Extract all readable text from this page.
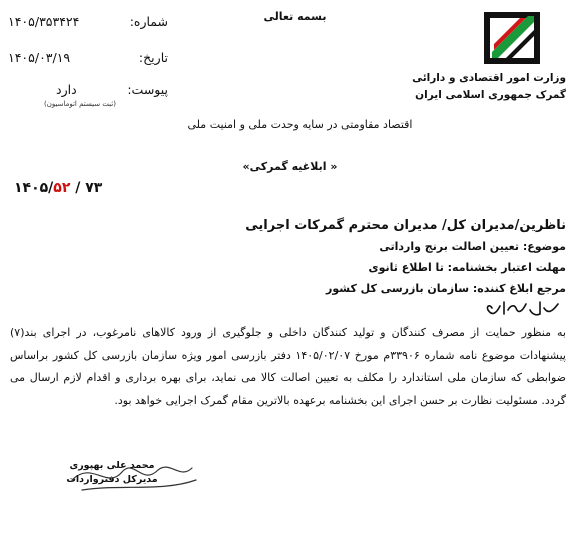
وزارت امور اقتصادی و دارائی
گمرک جمهوری اسلامی ایران
بسمه تعالی
اقتصاد مقاومتی در سایه وحدت ملی و امنیت ملی
« ابلاغیه گمرکی»
شماره:
۱۴۰۵/۳۵۳۴۲۴
تاریخ:
۱۴۰۵/۰۳/۱۹
پیوست:
دارد
(ثبت سیستم اتوماسیون)
۱۴۰۵/۵۲ / ۷۳
ناظرین/مدیران کل/ مدیران محترم گمرکات اجرایی
موضوع: تعیین اصالت برنج وارداتی
مهلت اعتبار بخشنامه: تا اطلاع ثانوی
مرجع ابلاغ کننده: سازمان بازرسی کل کشور
به منظور حمایت از مصرف کنندگان و تولید کنندگان داخلی و جلوگیری از ورود کالاهای نامرغوب، در اجرای بند(۷) پیشنهادات موضوع نامه شماره ۳۳۹۰۶م مورخ ۱۴۰۵/۰۲/۰۷ دفتر بازرسی امور ویژه سازمان بازرسی کل کشور براساس ضوابطی که سازمان ملی استاندارد را مکلف به تعیین اصالت کالا می نماید، برای بهره برداری و اقدام لازم ارسال می گردد. مسئولیت نظارت بر حسن اجرای این بخشنامه برعهده بالاترین مقام گمرک اجرایی خواهد بود.
محمد علی بهپوری
مدیرکل دفترواردات
